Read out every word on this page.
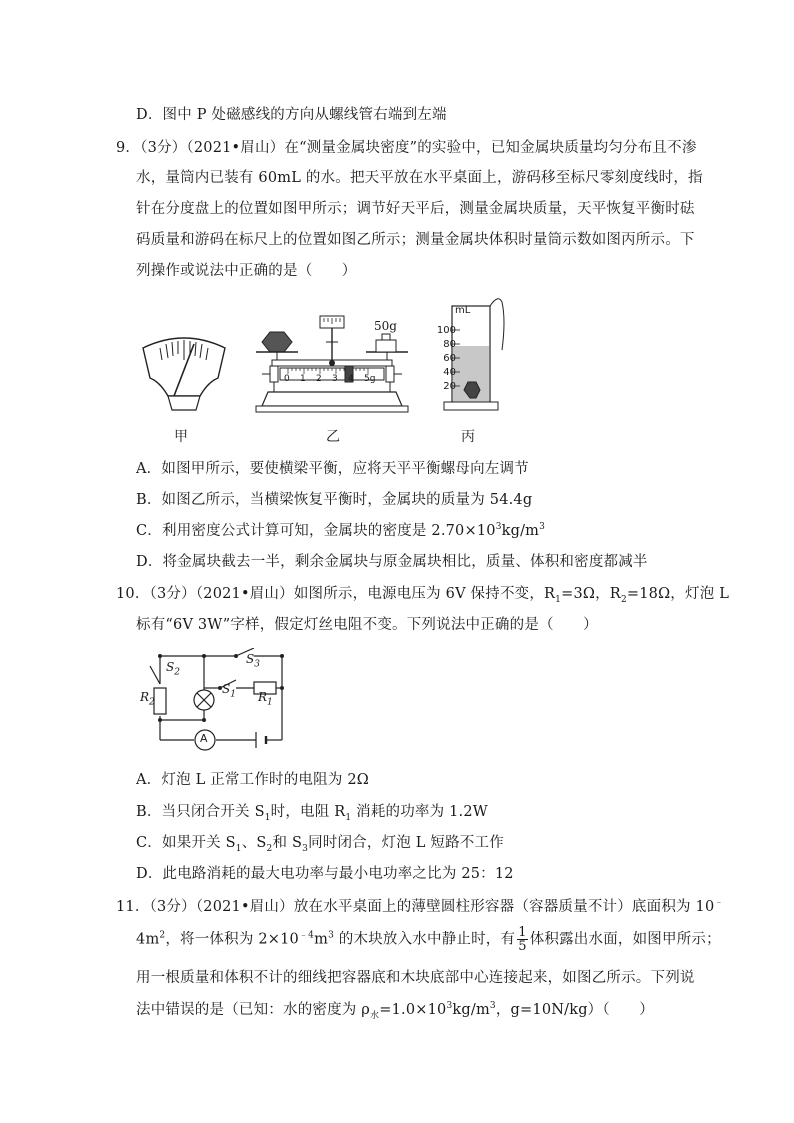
D．图中 P 处磁感线的方向从螺线管右端到左端
9．（3分）（2021•眉山）在“测量金属块密度”的实验中，已知金属块质量均匀分布且不渗
水，量筒内已装有 60mL 的水。把天平放在水平桌面上，游码移至标尺零刻度线时，指
针在分度盘上的位置如图甲所示；调节好天平后，测量金属块质量，天平恢复平衡时砝
码质量和游码在标尺上的位置如图乙所示；测量金属块体积时量筒示数如图丙所示。下
列操作或说法中正确的是（　　）
甲
50g
0 1 2 3 4 5g
乙
mL
100
80
60
40
20
丙
A．如图甲所示，要使横梁平衡，应将天平平衡螺母向左调节
B．如图乙所示，当横梁恢复平衡时，金属块的质量为 54.4g
C．利用密度公式计算可知，金属块的密度是 $2.70\times 10^3kg/m^3$
D．将金属块截去一半，剩余金属块与原金属块相比，质量、体积和密度都减半
10．（3分）（2021•眉山）如图所示，电源电压为 6V 保持不变，$R_1=3\Omega$，$R_2=18\Omega$，灯泡 L
标有“6V 3W”字样，假定灯丝电阻不变。下列说法中正确的是（　　）
$S_2$
$S_3$
$S_1$ $R_1$
$R_2$
A
A．灯泡 L 正常工作时的电阻为 2Ω
B．当只闭合开关 $S_1$时，电阻 $R_1$ 消耗的功率为 1.2W
C．如果开关 $S_1$、$S_2$和 $S_3$同时闭合，灯泡 L 短路不工作
D．此电路消耗的最大电功率与最小电功率之比为 25：12
11．（3分）（2021•眉山）放在水平桌面上的薄壁圆柱形容器（容器质量不计）底面积为 10﹣
$4m^2$，将一体积为 $2\times 10^{﹣4}m^3$ 的木块放入水中静止时，有 $\frac{1}{5}$ 体积露出水面，如图甲所示；
用一根质量和体积不计的细线把容器底和木块底部中心连接起来，如图乙所示。下列说
法中错误的是（已知：水的密度为 $\rho_水=1.0\times 10^3kg/m^3$，g=10N/kg）（　　）
